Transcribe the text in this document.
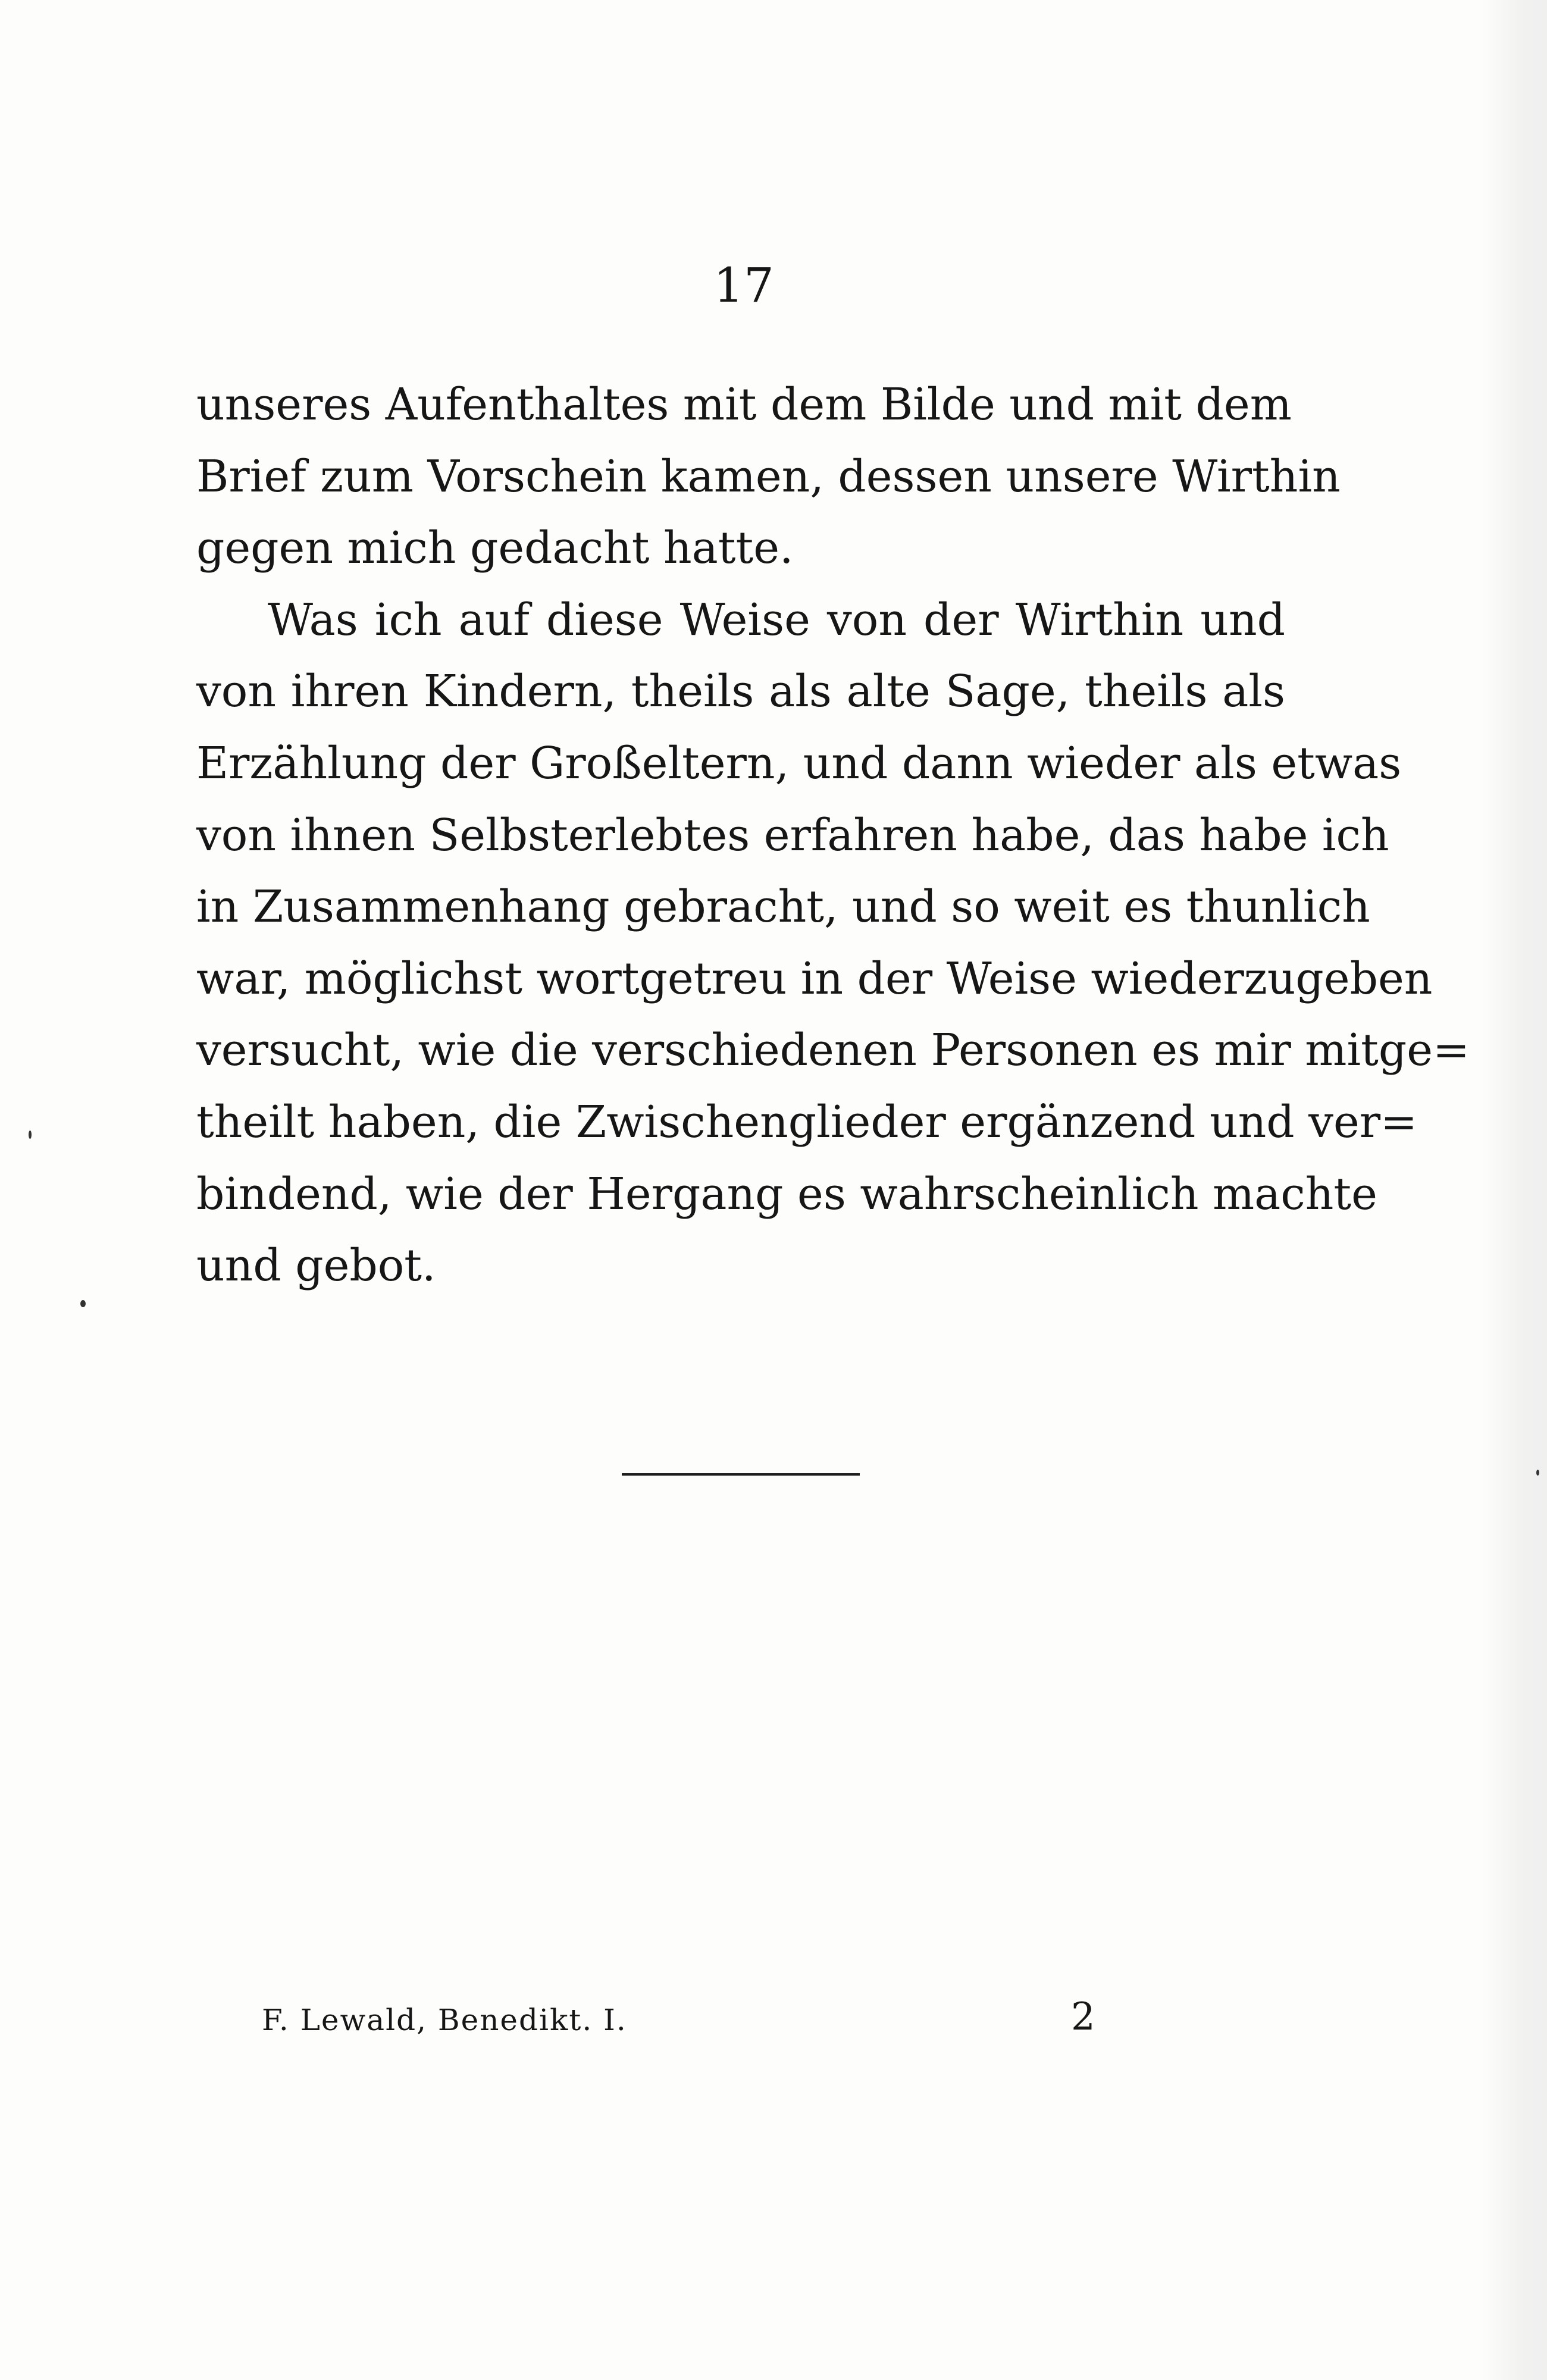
17

unseres Aufenthaltes mit dem Bilde und mit dem
Brief zum Vorschein kamen, dessen unsere Wirthin
gegen mich gedacht hatte.

Was ich auf diese Weise von der Wirthin und
von ihren Kindern, theils als alte Sage, theils als
Erzählung der Großeltern, und dann wieder als etwas
von ihnen Selbsterlebtes erfahren habe, das habe ich
in Zusammenhang gebracht, und so weit es thunlich
war, möglichst wortgetreu in der Weise wiederzugeben
versucht, wie die verschiedenen Personen es mir mitge=
theilt haben, die Zwischenglieder ergänzend und ver=
bindend, wie der Hergang es wahrscheinlich machte
und gebot.

F. Lewald, Benedikt. I.	2
